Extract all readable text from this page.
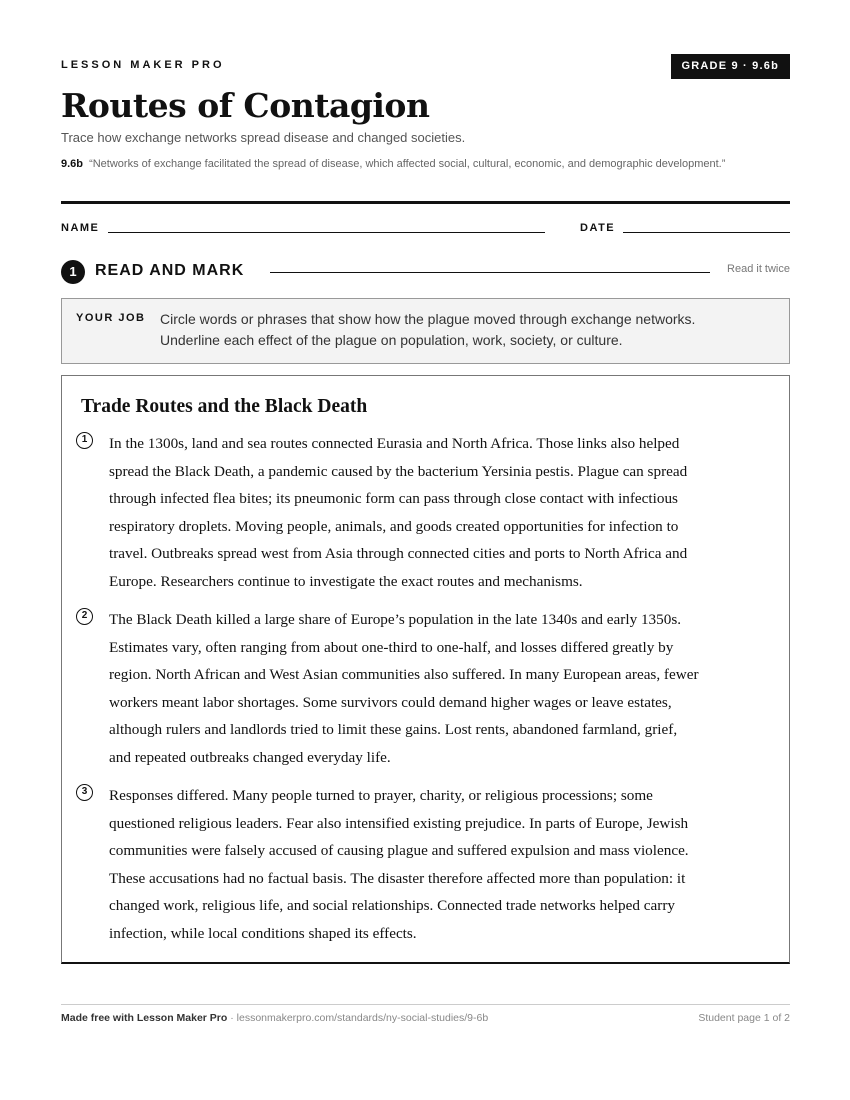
LESSON MAKER PRO	GRADE 9 · 9.6b
Routes of Contagion
Trace how exchange networks spread disease and changed societies.
9.6b “Networks of exchange facilitated the spread of disease, which affected social, cultural, economic, and demographic development.”
NAME	DATE
1	READ AND MARK	Read it twice
YOUR JOB Circle words or phrases that show how the plague moved through exchange networks.
Underline each effect of the plague on population, work, society, or culture.
Trade Routes and the Black Death
1	In the 1300s, land and sea routes connected Eurasia and North Africa. Those links also helped
spread the Black Death, a pandemic caused by the bacterium Yersinia pestis. Plague can spread
through infected flea bites; its pneumonic form can pass through close contact with infectious
respiratory droplets. Moving people, animals, and goods created opportunities for infection to
travel. Outbreaks spread west from Asia through connected cities and ports to North Africa and
Europe. Researchers continue to investigate the exact routes and mechanisms.
2	The Black Death killed a large share of Europe’s population in the late 1340s and early 1350s.
Estimates vary, often ranging from about one-third to one-half, and losses differed greatly by
region. North African and West Asian communities also suffered. In many European areas, fewer
workers meant labor shortages. Some survivors could demand higher wages or leave estates,
although rulers and landlords tried to limit these gains. Lost rents, abandoned farmland, grief,
and repeated outbreaks changed everyday life.
3	Responses differed. Many people turned to prayer, charity, or religious processions; some
questioned religious leaders. Fear also intensified existing prejudice. In parts of Europe, Jewish
communities were falsely accused of causing plague and suffered expulsion and mass violence.
These accusations had no factual basis. The disaster therefore affected more than population: it
changed work, religious life, and social relationships. Connected trade networks helped carry
infection, while local conditions shaped its effects.
Made free with Lesson Maker Pro · lessonmakerpro.com/standards/ny-social-studies/9-6b	Student page 1 of 2
